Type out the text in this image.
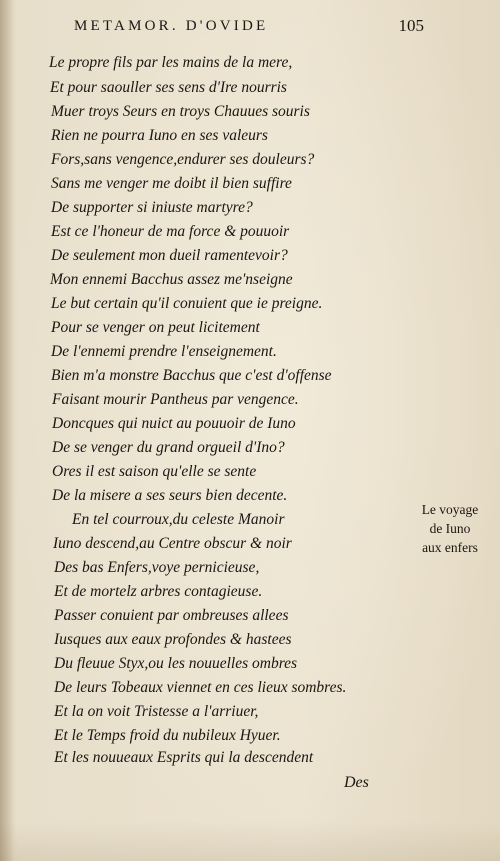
METAMOR. D'OVIDE	105
Le propre fils par les mains de la mere,
Et pour saouller ses sens d'Ire nourris
Muer troys Seurs en troys Chauues souris
Rien ne pourra Iuno en ses valeurs
Fors,sans vengence,endurer ses douleurs?
Sans me venger me doibt il bien suffire
De supporter si iniuste martyre?
Est ce l'honeur de ma force & pouuoir
De seulement mon dueil ramentevoir?
Mon ennemi Bacchus assez me'nseigne
Le but certain qu'il conuient que ie preigne.
Pour se venger on peut licitement
De l'ennemi prendre l'enseignement.
Bien m'a monstre Bacchus que c'est d'offense
Faisant mourir Pantheus par vengence.
Doncques qui nuict au pouuoir de Iuno
De se venger du grand orgueil d'Ino?
Ores il est saison qu'elle se sente
De la misere a ses seurs bien decente.
En tel courroux,du celeste Manoir
Iuno descend,au Centre obscur & noir
Des bas Enfers,voye pernicieuse,
Et de mortelz arbres contagieuse.
Passer conuient par ombreuses allees
Iusques aux eaux profondes & hastees
Du fleuue Styx,ou les nouuelles ombres
De leurs Tobeaux viennet en ces lieux sombres.
Et la on voit Tristesse a l'arriuer,
Et le Temps froid du nubileux Hyuer.
Et les nouueaux Esprits qui la descendent
Le voyage
de Iuno
aux enfers
Des
